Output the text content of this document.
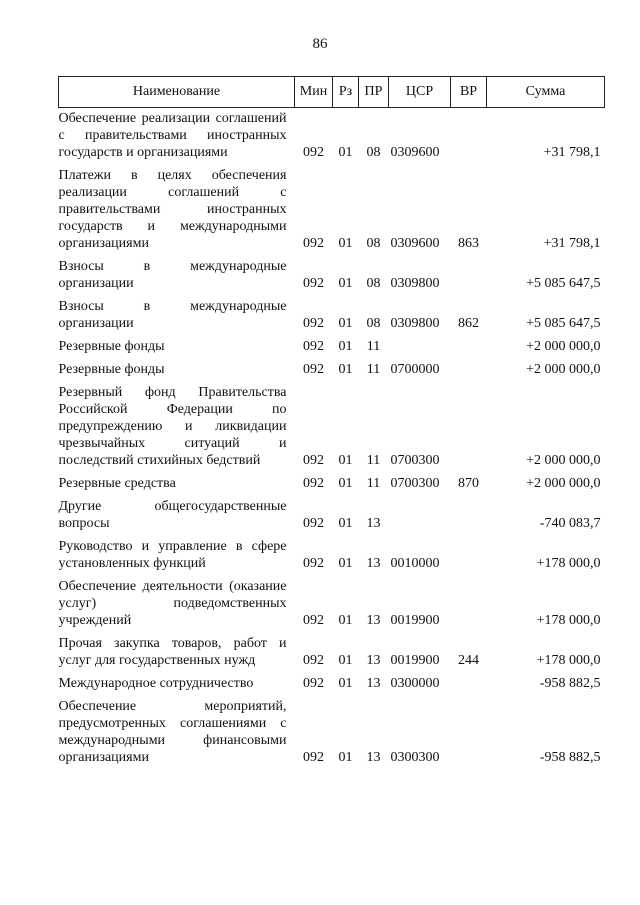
86
Наименование	Мин	Рз	ПР	ЦСР	ВР	Сумма

Обеспечение реализации соглашений с правительствами иностранных государств и организациями	092	01	08	0309600		+31 798,1

Платежи в целях обеспечения реализации соглашений с правительствами иностранных государств и международными организациями	092	01	08	0309600	863	+31 798,1

Взносы в международные организации	092	01	08	0309800		+5 085 647,5

Взносы в международные организации	092	01	08	0309800	862	+5 085 647,5

Резервные фонды	092	01	11			+2 000 000,0

Резервные фонды	092	01	11	0700000		+2 000 000,0

Резервный фонд Правительства Российской Федерации по предупреждению и ликвидации чрезвычайных ситуаций и последствий стихийных бедствий	092	01	11	0700300		+2 000 000,0

Резервные средства	092	01	11	0700300	870	+2 000 000,0

Другие общегосударственные вопросы	092	01	13			-740 083,7

Руководство и управление в сфере установленных функций	092	01	13	0010000		+178 000,0

Обеспечение деятельности (оказание услуг) подведомственных учреждений	092	01	13	0019900		+178 000,0

Прочая закупка товаров, работ и услуг для государственных нужд	092	01	13	0019900	244	+178 000,0

Международное сотрудничество	092	01	13	0300000		-958 882,5

Обеспечение мероприятий, предусмотренных соглашениями с международными финансовыми организациями	092	01	13	0300300		-958 882,5
